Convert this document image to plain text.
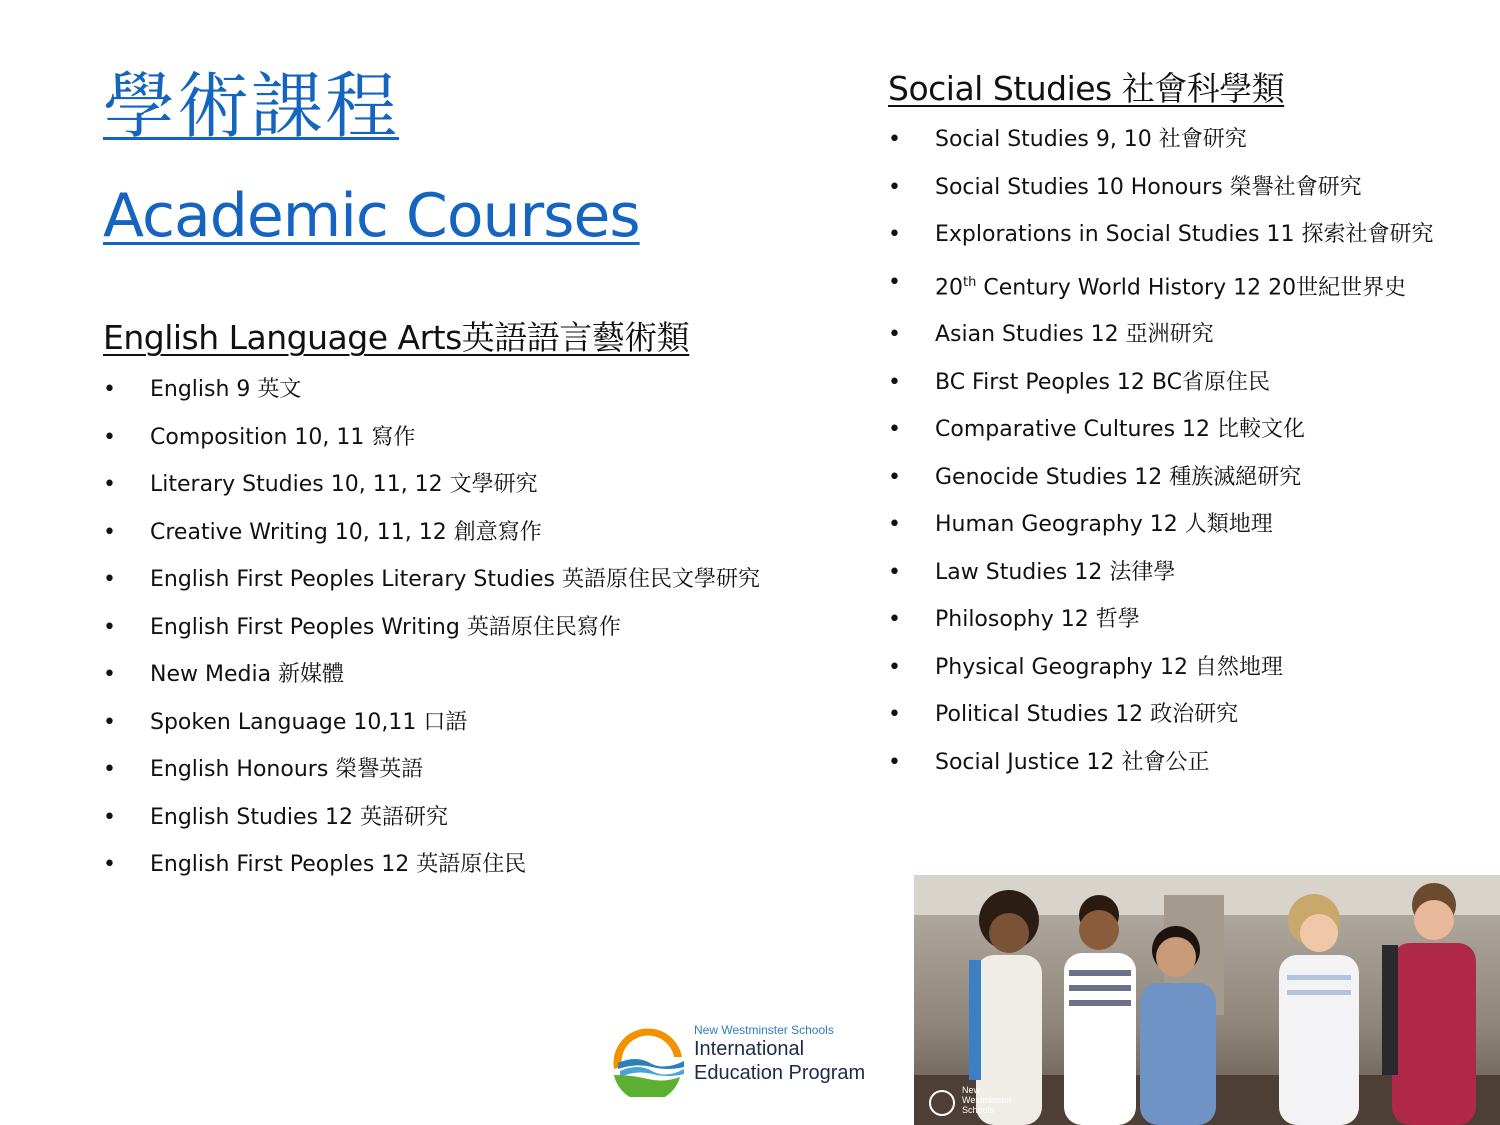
學術課程
Academic Courses
English Language Arts英語語言藝術類
• English 9 英文
• Composition 10, 11 寫作
• Literary Studies 10, 11, 12 文學研究
• Creative Writing 10, 11, 12 創意寫作
• English First Peoples Literary Studies 英語原住民文學研究
• English First Peoples Writing 英語原住民寫作
• New Media 新媒體
• Spoken Language 10,11 口語
• English Honours 榮譽英語
• English Studies 12 英語研究
• English First Peoples 12 英語原住民
Social Studies 社會科學類
• Social Studies 9, 10 社會研究
• Social Studies 10 Honours 榮譽社會研究
• Explorations in Social Studies 11 探索社會研究
• 20th Century World History 12 20世紀世界史
• Asian Studies 12 亞洲研究
• BC First Peoples 12 BC省原住民
• Comparative Cultures 12 比較文化
• Genocide Studies 12 種族滅絕研究
• Human Geography 12 人類地理
• Law Studies 12 法律學
• Philosophy 12 哲學
• Physical Geography 12 自然地理
• Political Studies 12 政治研究
• Social Justice 12 社會公正
New Westminster Schools
International
Education Program
New
Westminster
Schools
